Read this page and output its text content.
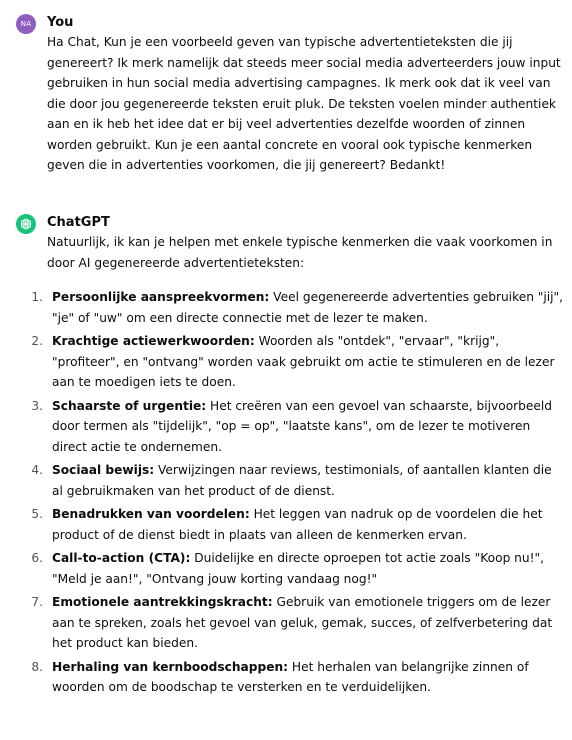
NA You
Ha Chat, Kun je een voorbeeld geven van typische advertentieteksten die jij genereert? Ik merk namelijk dat steeds meer social media adverteerders jouw input gebruiken in hun social media advertising campagnes. Ik merk ook dat ik veel van die door jou gegenereerde teksten eruit pluk. De teksten voelen minder authentiek aan en ik heb het idee dat er bij veel advertenties dezelfde woorden of zinnen worden gebruikt. Kun je een aantal concrete en vooral ook typische kenmerken geven die in advertenties voorkomen, die jij genereert? Bedankt!
ChatGPT

Natuurlijk, ik kan je helpen met enkele typische kenmerken die vaak voorkomen in door AI gegenereerde advertentieteksten:

1. Persoonlijke aanspreekvormen: Veel gegenereerde advertenties gebruiken "jij", "je" of "uw" om een directe connectie met de lezer te maken.
2. Krachtige actiewerkwoorden: Woorden als "ontdek", "ervaar", "krijg", "profiteer", en "ontvang" worden vaak gebruikt om actie te stimuleren en de lezer aan te moedigen iets te doen.
3. Schaarste of urgentie: Het creëren van een gevoel van schaarste, bijvoorbeeld door termen als "tijdelijk", "op = op", "laatste kans", om de lezer te motiveren direct actie te ondernemen.
4. Sociaal bewijs: Verwijzingen naar reviews, testimonials, of aantallen klanten die al gebruikmaken van het product of de dienst.
5. Benadrukken van voordelen: Het leggen van nadruk op de voordelen die het product of de dienst biedt in plaats van alleen de kenmerken ervan.
6. Call-to-action (CTA): Duidelijke en directe oproepen tot actie zoals "Koop nu!", "Meld je aan!", "Ontvang jouw korting vandaag nog!"
7. Emotionele aantrekkingskracht: Gebruik van emotionele triggers om de lezer aan te spreken, zoals het gevoel van geluk, gemak, succes, of zelfverbetering dat het product kan bieden.
8. Herhaling van kernboodschappen: Het herhalen van belangrijke zinnen of woorden om de boodschap te versterken en te verduidelijken.
